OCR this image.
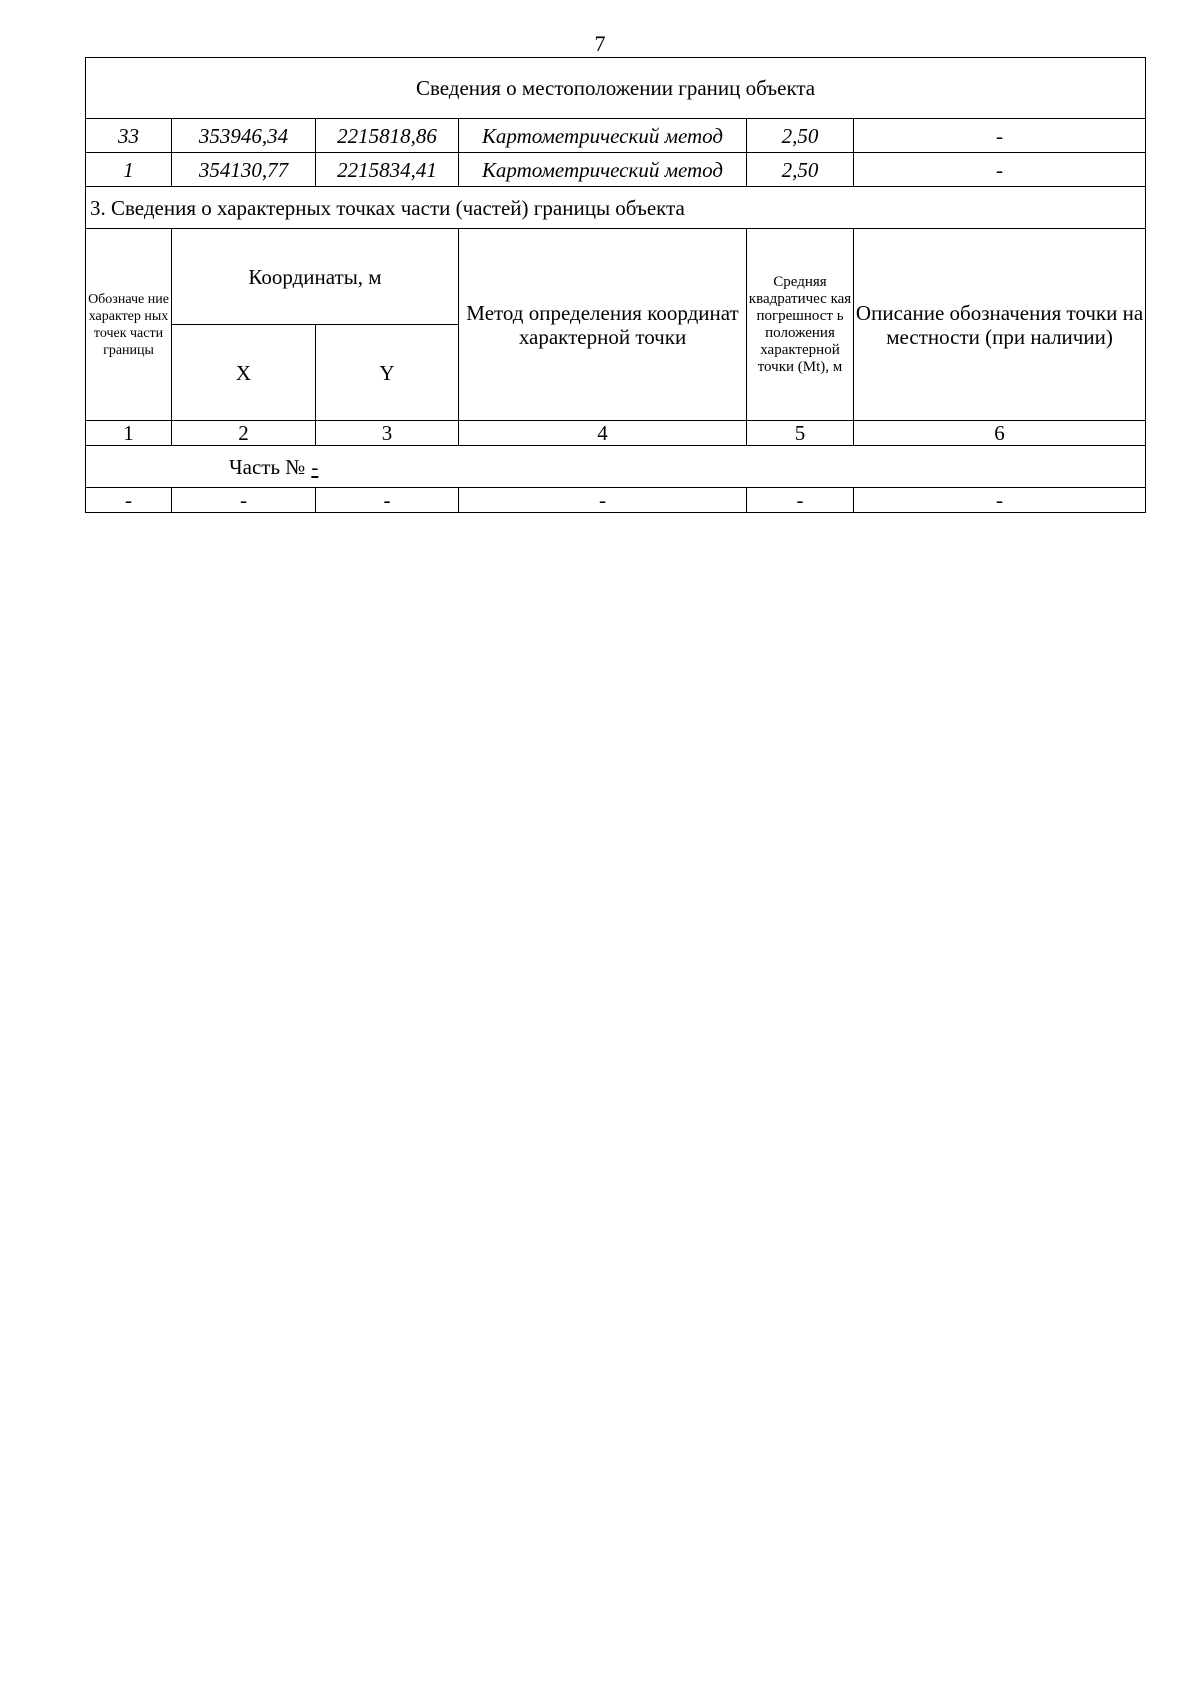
7
Сведения о местоположении границ объекта					
33	353946,34	2215818,86	Картометрический метод	2,50	-
1	354130,77	2215834,41	Картометрический метод	2,50	-
3. Сведения о характерных точках части (частей) границы объекта					
Обозначе ние характер ных точек части границы	Координаты, м		Метод определения координат характерной точки	Средняя квадратичес кая погрешност ь положения характерной точки (Mt), м	Описание обозначения точки на местности (при наличии)
	X	Y			
1	2	3	4	5	6
Часть № -					
-	-	-	-	-	-
